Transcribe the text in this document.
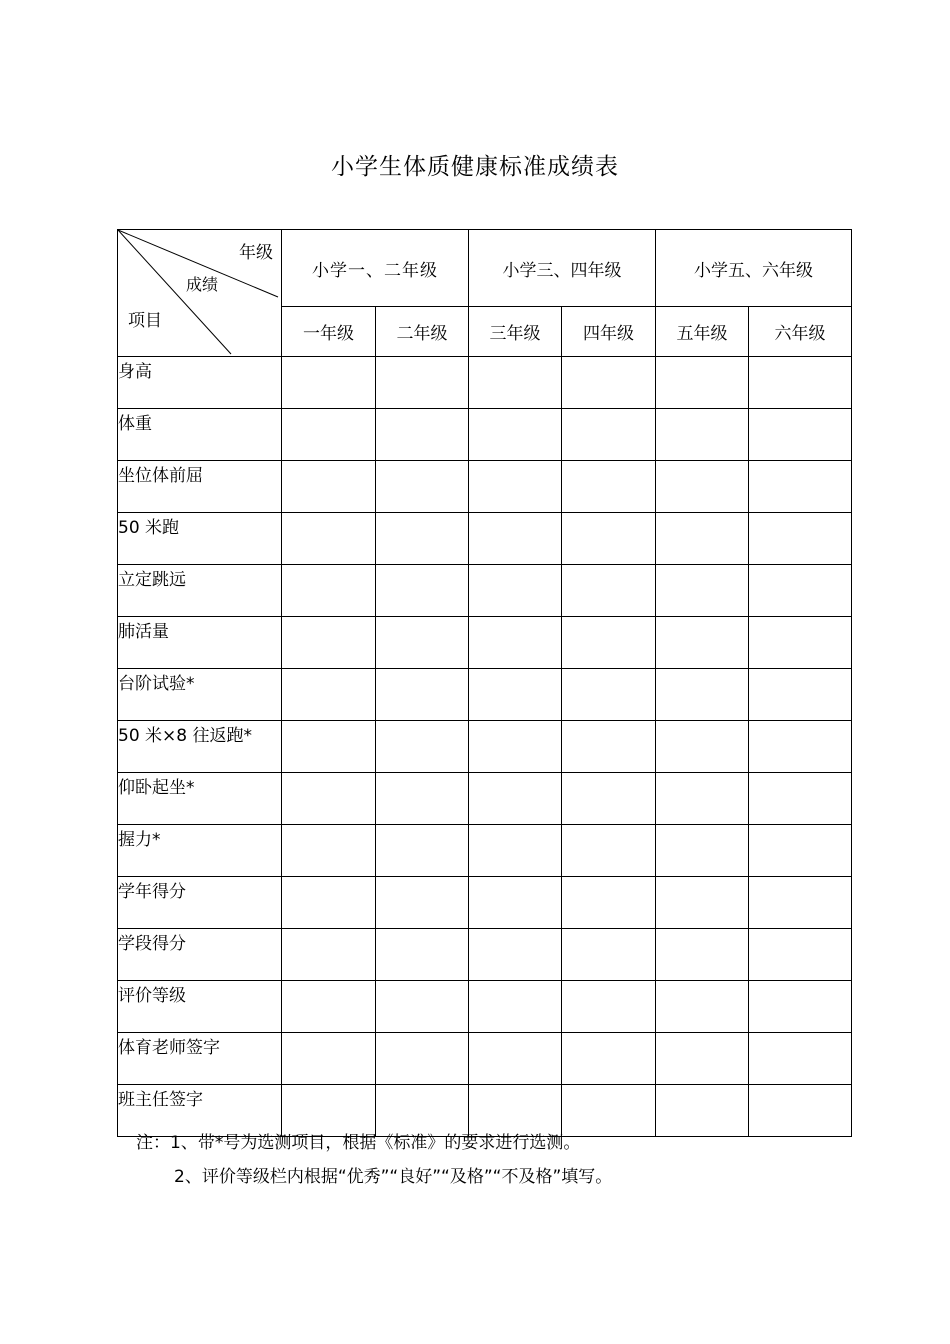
小学生体质健康标准成绩表
年级
成绩
项目	小学一、二年级		小学三、四年级		小学五、六年级	
	一年级	二年级	三年级	四年级	五年级	六年级
身高						
体重						
坐位体前屈						
50 米跑						
立定跳远						
肺活量						
台阶试验*						
50 米×8 往返跑*						
仰卧起坐*						
握力*						
学年得分						
学段得分						
评价等级						
体育老师签字						
班主任签字						
注：1、带*号为选测项目，根据《标准》的要求进行选测。
2、评价等级栏内根据“优秀”“良好”“及格”“不及格”填写。
